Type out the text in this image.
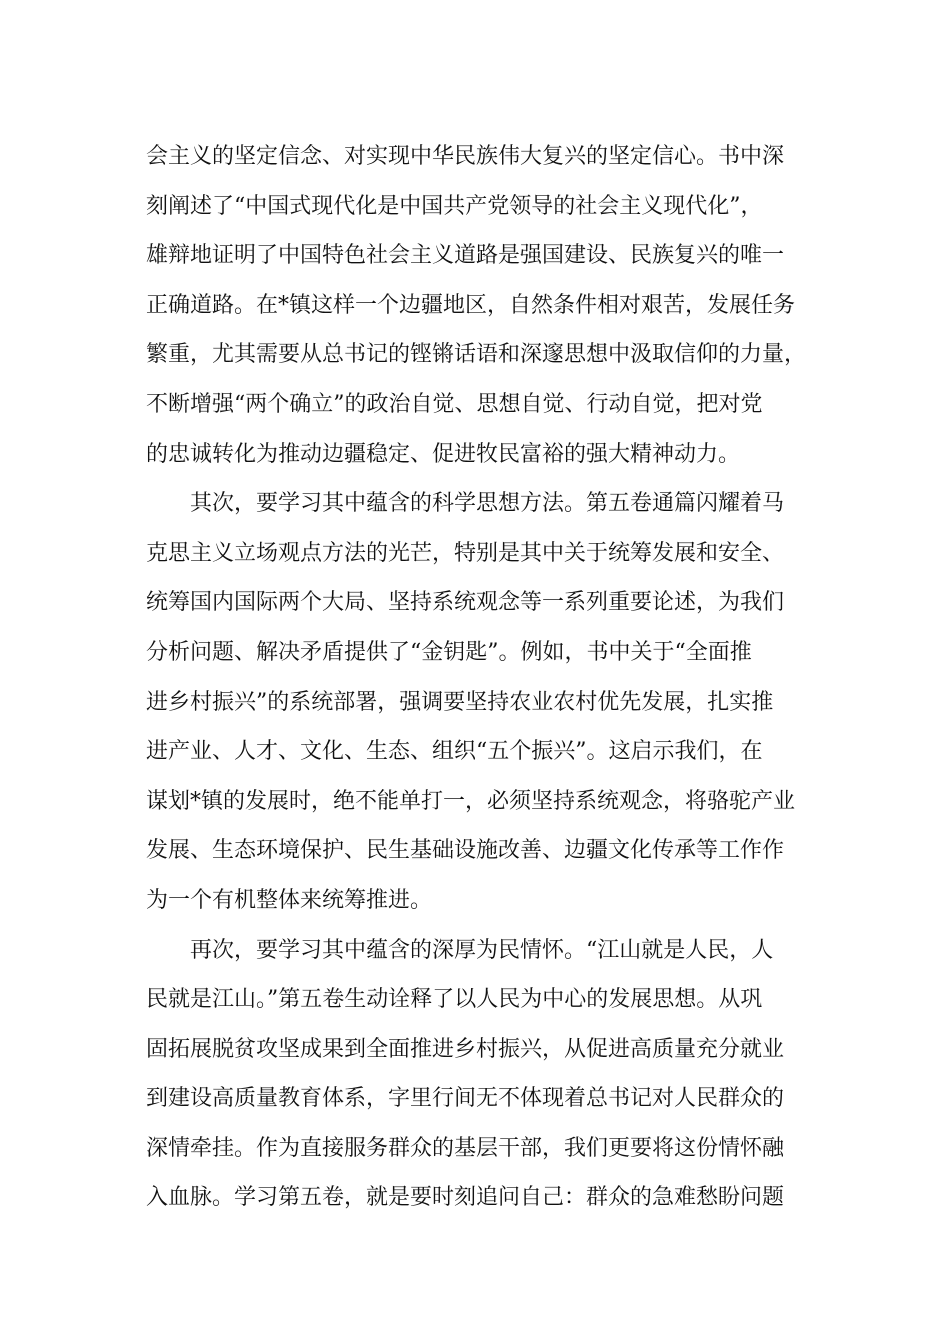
会主义的坚定信念、对实现中华民族伟大复兴的坚定信心。书中深
刻阐述了“中国式现代化是中国共产党领导的社会主义现代化”，
雄辩地证明了中国特色社会主义道路是强国建设、民族复兴的唯一
正确道路。在*镇这样一个边疆地区，自然条件相对艰苦，发展任务
繁重，尤其需要从总书记的铿锵话语和深邃思想中汲取信仰的力量，
不断增强“两个确立”的政治自觉、思想自觉、行动自觉，把对党
的忠诚转化为推动边疆稳定、促进牧民富裕的强大精神动力。
其次，要学习其中蕴含的科学思想方法。第五卷通篇闪耀着马
克思主义立场观点方法的光芒，特别是其中关于统筹发展和安全、
统筹国内国际两个大局、坚持系统观念等一系列重要论述，为我们
分析问题、解决矛盾提供了“金钥匙”。例如，书中关于“全面推
进乡村振兴”的系统部署，强调要坚持农业农村优先发展，扎实推
进产业、人才、文化、生态、组织“五个振兴”。这启示我们，在
谋划*镇的发展时，绝不能单打一，必须坚持系统观念，将骆驼产业
发展、生态环境保护、民生基础设施改善、边疆文化传承等工作作
为一个有机整体来统筹推进。
再次，要学习其中蕴含的深厚为民情怀。“江山就是人民，人
民就是江山。”第五卷生动诠释了以人民为中心的发展思想。从巩
固拓展脱贫攻坚成果到全面推进乡村振兴，从促进高质量充分就业
到建设高质量教育体系，字里行间无不体现着总书记对人民群众的
深情牵挂。作为直接服务群众的基层干部，我们更要将这份情怀融
入血脉。学习第五卷，就是要时刻追问自己：群众的急难愁盼问题
